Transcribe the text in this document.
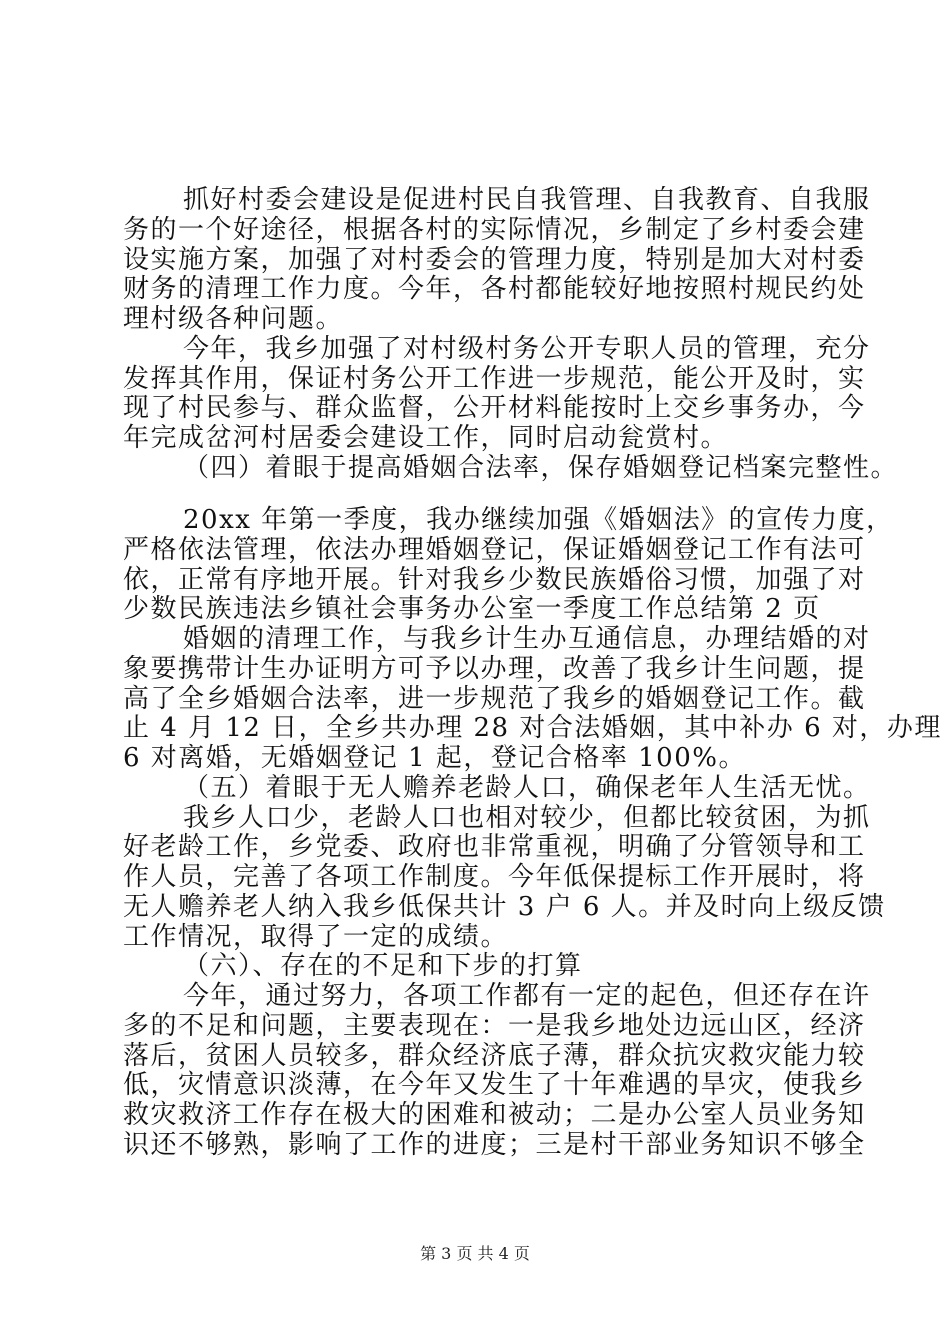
抓好村委会建设是促进村民自我管理、自我教育、自我服
务的一个好途径，根据各村的实际情况，乡制定了乡村委会建
设实施方案，加强了对村委会的管理力度，特别是加大对村委
财务的清理工作力度。今年，各村都能较好地按照村规民约处
理村级各种问题。
今年，我乡加强了对村级村务公开专职人员的管理，充分
发挥其作用，保证村务公开工作进一步规范，能公开及时，实
现了村民参与、群众监督，公开材料能按时上交乡事务办，今
年完成岔河村居委会建设工作，同时启动瓮赏村。
（四）着眼于提高婚姻合法率，保存婚姻登记档案完整性。
20xx 年第一季度，我办继续加强《婚姻法》的宣传力度，
严格依法管理，依法办理婚姻登记，保证婚姻登记工作有法可
依，正常有序地开展。针对我乡少数民族婚俗习惯，加强了对
少数民族违法乡镇社会事务办公室一季度工作总结第 2 页
婚姻的清理工作，与我乡计生办互通信息，办理结婚的对
象要携带计生办证明方可予以办理，改善了我乡计生问题，提
高了全乡婚姻合法率，进一步规范了我乡的婚姻登记工作。截
止 4 月 12 日，全乡共办理 28 对合法婚姻，其中补办 6 对，办理
6 对离婚，无婚姻登记 1 起，登记合格率 100%。
（五）着眼于无人赡养老龄人口，确保老年人生活无忧。
我乡人口少，老龄人口也相对较少，但都比较贫困，为抓
好老龄工作，乡党委、政府也非常重视，明确了分管领导和工
作人员，完善了各项工作制度。今年低保提标工作开展时，将
无人赡养老人纳入我乡低保共计 3 户 6 人。并及时向上级反馈
工作情况，取得了一定的成绩。
（六）、存在的不足和下步的打算
今年，通过努力，各项工作都有一定的起色，但还存在许
多的不足和问题，主要表现在：一是我乡地处边远山区，经济
落后，贫困人员较多，群众经济底子薄，群众抗灾救灾能力较
低，灾情意识淡薄，在今年又发生了十年难遇的旱灾，使我乡
救灾救济工作存在极大的困难和被动；二是办公室人员业务知
识还不够熟，影响了工作的进度；三是村干部业务知识不够全
第 3 页 共 4 页
